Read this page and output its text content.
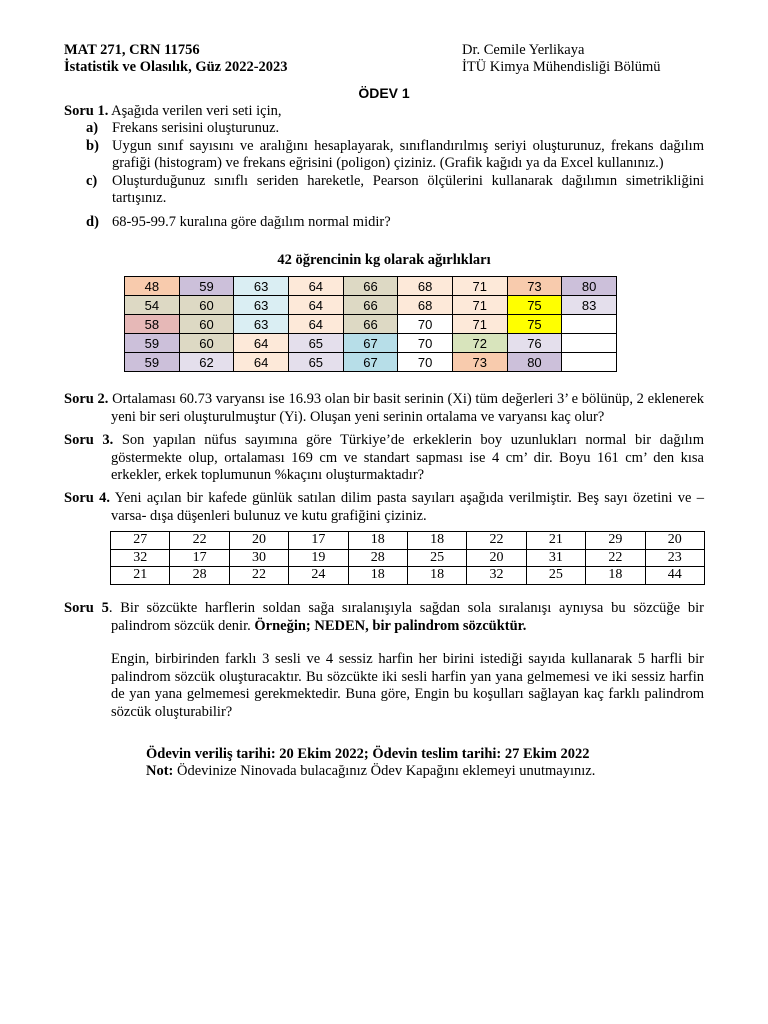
MAT 271, CRN 11756
İstatistik ve Olasılık, Güz 2022-2023
Dr. Cemile Yerlikaya
İTÜ Kimya Mühendisliği Bölümü
ÖDEV 1

Soru 1. Aşağıda verilen veri seti için,

a) Frekans serisini oluşturunuz.
b) Uygun sınıf sayısını ve aralığını hesaplayarak, sınıflandırılmış seriyi oluşturunuz, frekans dağılım grafiği (histogram) ve frekans eğrisini (poligon) çiziniz. (Grafik kağıdı ya da Excel kullanınız.)
c)	Oluşturduğunuz sınıflı seriden hareketle, Pearson ölçülerini kullanarak dağılımın simetrikliğini tartışınız.
d) 68-95-99.7 kuralına göre dağılım normal midir?
42 öğrencinin kg olarak ağırlıkları
48	59	63	64	66	68	71	73	80
54	60	63	64	66	68	71	75	83
58	60	63	64	66	70	71	75	
59	60	64	65	67	70	72	76	
59	62	64	65	67	70	73	80	

Soru 2. Ortalaması 60.73 varyansı ise 16.93 olan bir basit serinin (Xi) tüm değerleri 3’ e bölünüp, 2 eklenerek yeni bir seri oluşturulmuştur (Yi). Oluşan yeni serinin ortalama ve varyansı kaç olur?

Soru 3. Son yapılan nüfus sayımına göre Türkiye’de erkeklerin boy uzunlukları normal bir dağılım göstermekte olup, ortalaması 169 cm ve standart sapması ise 4 cm’ dir. Boyu 161 cm’ den kısa erkekler, erkek toplumunun %kaçını oluşturmaktadır?

Soru 4. Yeni açılan bir kafede günlük satılan dilim pasta sayıları aşağıda verilmiştir. Beş sayı özetini ve –varsa- dışa düşenleri bulunuz ve kutu grafiğini çiziniz.

27	22	20	17	18	18	22	21	29	20
32	17	30	19	28	25	20	31	22	23
21	28	22	24	18	18	32	25	18	44

Soru 5. Bir sözcükte harflerin soldan sağa sıralanışıyla sağdan sola sıralanışı aynıysa bu sözcüğe bir palindrom sözcük denir. Örneğin; NEDEN, bir palindrom sözcüktür.

Engin, birbirinden farklı 3 sesli ve 4 sessiz harfin her birini istediği sayıda kullanarak 5 harfli bir palindrom sözcük oluşturacaktır. Bu sözcükte iki sesli harfin yan yana gelmemesi ve iki sessiz harfin de yan yana gelmemesi gerekmektedir. Buna göre, Engin bu koşulları sağlayan kaç farklı palindrom sözcük oluşturabilir?

Ödevin veriliş tarihi: 20 Ekim 2022; Ödevin teslim tarihi: 27 Ekim 2022
Not: Ödevinize Ninovada bulacağınız Ödev Kapağını eklemeyi unutmayınız.
